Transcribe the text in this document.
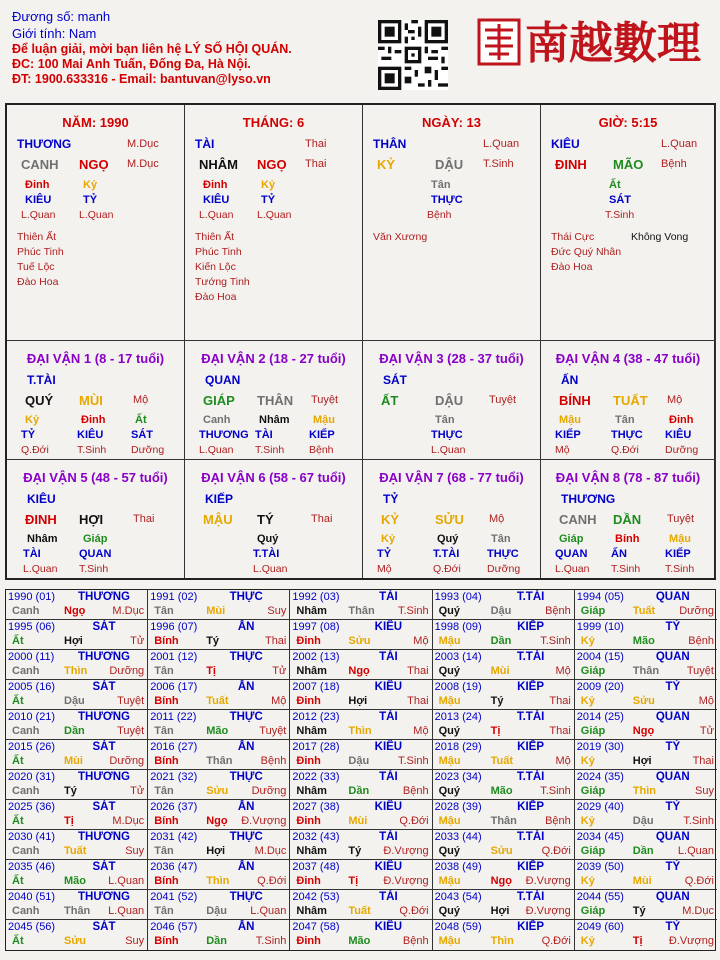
Đương số: manh
Giới tính: Nam
Để luận giải, mời bạn liên hệ LÝ SỐ HỘI QUÁN.
ĐC: 100 Mai Anh Tuấn, Đống Đa, Hà Nội.
ĐT: 1900.633316 - Email: bantuvan@lyso.vn
南越數理
NĂM: 1990
THƯƠNG	M.Dục
CANH NGỌ M.Dục
Đinh
KIÊU
L.Quan
Kỷ
TỶ
L.Quan
Thiên Ất
Phúc Tinh
Tuế Lộc
Đào Hoa
THÁNG: 6
TÀI	Thai
NHÂM NGỌ Thai
Đinh
KIÊU
L.Quan
Kỷ
TỶ
L.Quan
Thiên Ất
Phúc Tinh
Kiến Lộc
Tướng Tinh
Đào Hoa
NGÀY: 13
THÂN	L.Quan
KỶ	DẬU T.Sinh
Tân
THỰC
Bệnh
Văn Xương
GIỜ: 5:15
KIÊU	L.Quan
ĐINH MÃO Bệnh
Ất
SÁT
T.Sinh
Thái Cực
Đức Quý Nhân
Đào Hoa
Không Vong
ĐẠI VẬN 1 (8 - 17 tuổi)
T.TÀI
QUÝ MÙI	Mộ
Kỷ
TỶ
Q.Đới
Đinh
KIÊU
T.Sinh
Ất
SÁT
Dưỡng
ĐẠI VẬN 2 (18 - 27 tuổi)
QUAN
GIÁP THÂN Tuyệt
Canh
THƯƠNG
L.Quan
Nhâm
TÀI
T.Sinh
Mậu
KIẾP
Bệnh
ĐẠI VẬN 3 (28 - 37 tuổi)
SÁT
ẤT	DẬU Tuyệt
Tân
THỰC
L.Quan
ĐẠI VẬN 4 (38 - 47 tuổi)
ẤN
BÍNH TUẤT Mộ
Mậu
KIẾP
Mộ
Tân
THỰC
Q.Đới
Đinh
KIÊU
Dưỡng
ĐẠI VẬN 5 (48 - 57 tuổi)
KIÊU
ĐINH HỢI	Thai
Nhâm
TÀI
L.Quan
Giáp
QUAN
T.Sinh
ĐẠI VẬN 6 (58 - 67 tuổi)
KIẾP
MẬU TÝ	Thai
Quý
T.TÀI
L.Quan
ĐẠI VẬN 7 (68 - 77 tuổi)
TỶ
KỶ	SỬU Mộ
Kỷ
TỶ
Mộ
Quý
T.TÀI
Q.Đới
Tân
THỰC
Dưỡng
ĐẠI VẬN 8 (78 - 87 tuổi)
THƯƠNG
CANH DẦN Tuyệt
Giáp
QUAN
L.Quan
Bính
ẤN
T.Sinh
Mậu
KIẾP
T.Sinh
1990 (01)	THƯƠNG
Canh Ngọ	M.Dục
1991 (02)	THỰC
Tân	Mùi	Suy
1992 (03)	TÀI
Nhâm Thân	T.Sinh
1993 (04)	T.TÀI
Quý	Dậu	Bệnh
1994 (05)	QUAN
Giáp	Tuất	Dưỡng
1995 (06)	SÁT
Ất	Hợi	Tử
1996 (07)	ẤN
Bính	Tý	Thai
1997 (08)	KIÊU
Đinh	Sửu	Mộ
1998 (09)	KIẾP
Mậu	Dần	T.Sinh
1999 (10)	TỶ
Kỷ	Mão	Bệnh
2000 (11)	THƯƠNG
Canh Thìn	Dưỡng
2001 (12)	THỰC
Tân	Tị	Tử
2002 (13)	TÀI
Nhâm Ngọ	Thai
2003 (14)	T.TÀI
Quý	Mùi	Mộ
2004 (15)	QUAN
Giáp	Thân	Tuyệt
2005 (16)	SÁT
Ất	Dậu	Tuyệt
2006 (17)	ẤN
Bính	Tuất	Mộ
2007 (18)	KIÊU
Đinh	Hợi	Thai
2008 (19)	KIẾP
Mậu	Tý	Thai
2009 (20)	TỶ
Kỷ	Sửu	Mộ
2010 (21)	THƯƠNG
Canh Dần	Tuyệt
2011 (22)	THỰC
Tân	Mão	Tuyệt
2012 (23)	TÀI
Nhâm Thìn	Mộ
2013 (24)	T.TÀI
Quý	Tị	Thai
2014 (25)	QUAN
Giáp	Ngọ	Tử
2015 (26)	SÁT
Ất	Mùi	Dưỡng
2016 (27)	ẤN
Bính	Thân	Bệnh
2017 (28)	KIÊU
Đinh	Dậu	T.Sinh
2018 (29)	KIẾP
Mậu	Tuất	Mộ
2019 (30)	TỶ
Kỷ	Hợi	Thai
2020 (31)	THƯƠNG
Canh Tý	Tử
2021 (32)	THỰC
Tân	Sửu	Dưỡng
2022 (33)	TÀI
Nhâm Dần	Bệnh
2023 (34)	T.TÀI
Quý	Mão	T.Sinh
2024 (35)	QUAN
Giáp	Thìn	Suy
2025 (36)	SÁT
Ất	Tị	M.Dục
2026 (37)	ẤN
Bính	Ngọ	Đ.Vượng
2027 (38)	KIÊU
Đinh	Mùi	Q.Đới
2028 (39)	KIẾP
Mậu	Thân	Bệnh
2029 (40)	TỶ
Kỷ	Dậu	T.Sinh
2030 (41)	THƯƠNG
Canh Tuất	Suy
2031 (42)	THỰC
Tân	Hợi	M.Dục
2032 (43)	TÀI
Nhâm Tý	Đ.Vượng
2033 (44)	T.TÀI
Quý	Sửu	Q.Đới
2034 (45)	QUAN
Giáp	Dần	L.Quan
2035 (46)	SÁT
Ất	Mão	L.Quan
2036 (47)	ẤN
Bính	Thìn	Q.Đới
2037 (48)	KIÊU
Đinh	Tị	Đ.Vượng
2038 (49)	KIẾP
Mậu	Ngọ	Đ.Vượng
2039 (50)	TỶ
Kỷ	Mùi	Q.Đới
2040 (51)	THƯƠNG
Canh Thân	L.Quan
2041 (52)	THỰC
Tân	Dậu	L.Quan
2042 (53)	TÀI
Nhâm Tuất	Q.Đới
2043 (54)	T.TÀI
Quý	Hợi	Đ.Vượng
2044 (55)	QUAN
Giáp	Tý	M.Dục
2045 (56)	SÁT
Ất	Sửu	Suy
2046 (57)	ẤN
Bính	Dần	T.Sinh
2047 (58)	KIÊU
Đinh	Mão	Bệnh
2048 (59)	KIẾP
Mậu	Thìn	Q.Đới
2049 (60)	TỶ
Kỷ	Tị	Đ.Vượng
